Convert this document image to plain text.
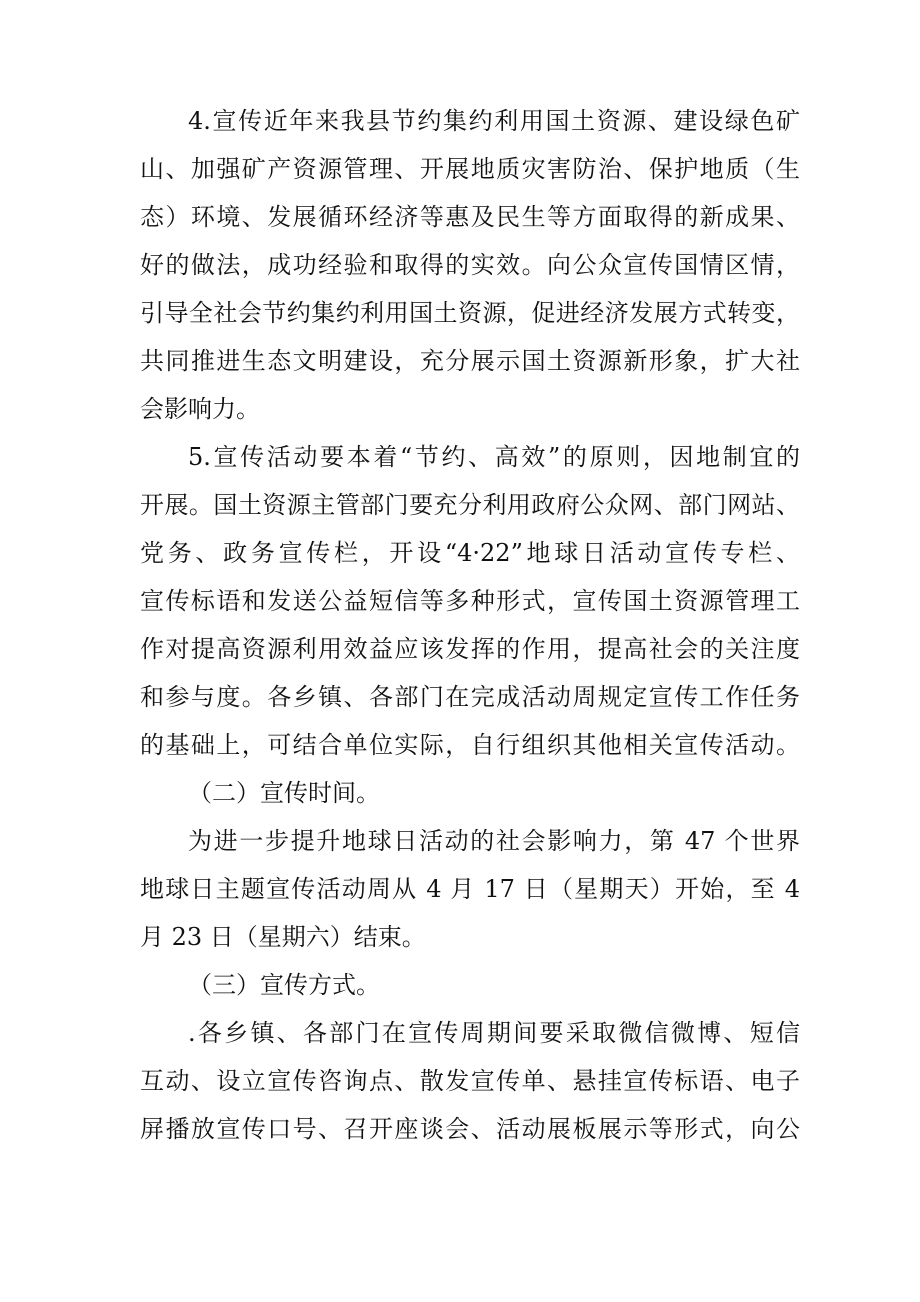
4.宣传近年来我县节约集约利用国土资源、建设绿色矿
山、加强矿产资源管理、开展地质灾害防治、保护地质（生
态）环境、发展循环经济等惠及民生等方面取得的新成果、
好的做法，成功经验和取得的实效。向公众宣传国情区情，
引导全社会节约集约利用国土资源，促进经济发展方式转变，
共同推进生态文明建设，充分展示国土资源新形象，扩大社
会影响力。
5.宣传活动要本着“节约、高效”的原则，因地制宜的
开展。国土资源主管部门要充分利用政府公众网、部门网站、
党务、政务宣传栏，开设“4·22”地球日活动宣传专栏、
宣传标语和发送公益短信等多种形式，宣传国土资源管理工
作对提高资源利用效益应该发挥的作用，提高社会的关注度
和参与度。各乡镇、各部门在完成活动周规定宣传工作任务
的基础上，可结合单位实际，自行组织其他相关宣传活动。
（二）宣传时间。
为进一步提升地球日活动的社会影响力，第 47 个世界
地球日主题宣传活动周从 4 月 17 日（星期天）开始，至 4
月 23 日（星期六）结束。
（三）宣传方式。
.各乡镇、各部门在宣传周期间要采取微信微博、短信
互动、设立宣传咨询点、散发宣传单、悬挂宣传标语、电子
屏播放宣传口号、召开座谈会、活动展板展示等形式，向公
